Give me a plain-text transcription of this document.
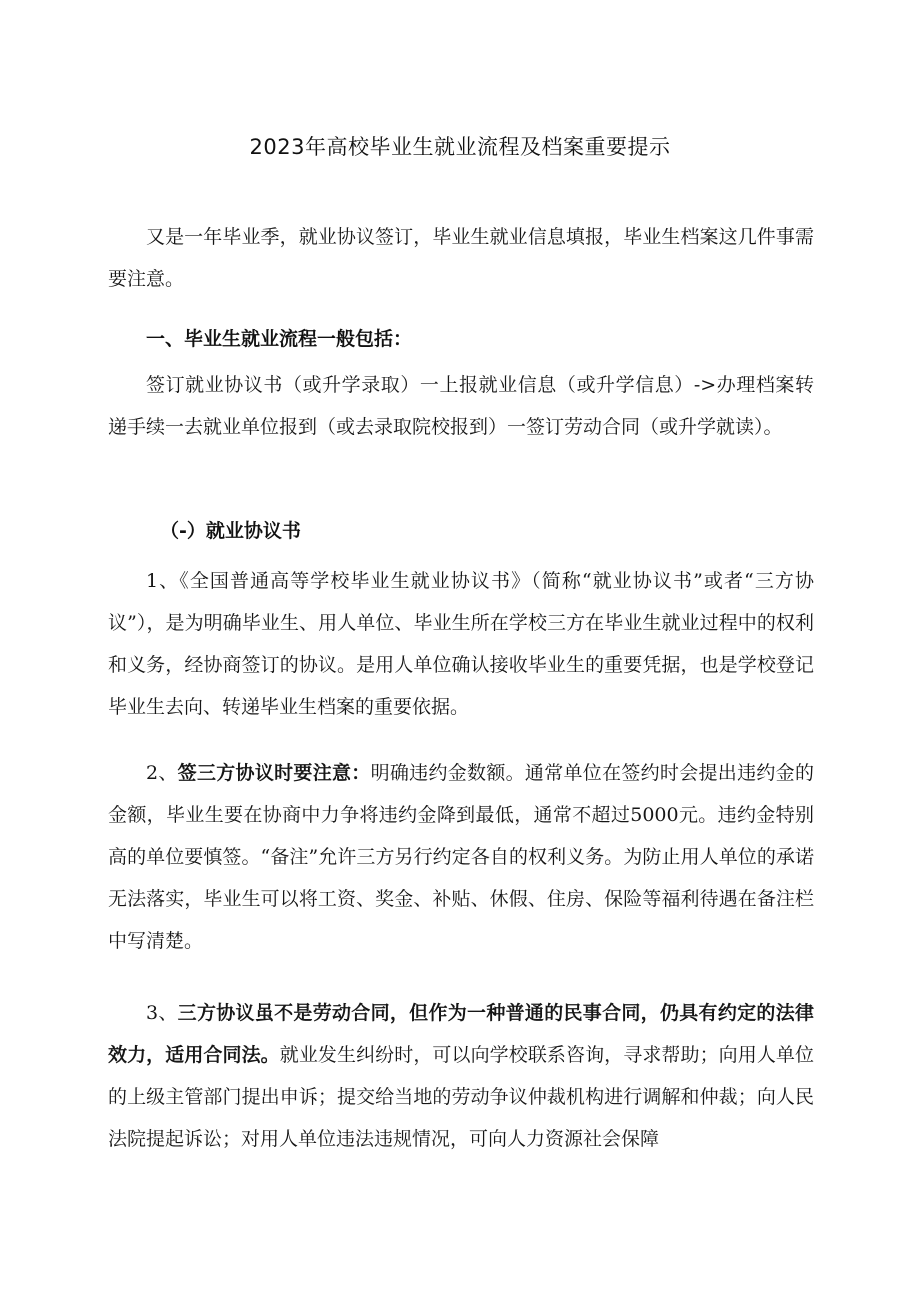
2023年高校毕业生就业流程及档案重要提示

又是一年毕业季，就业协议签订，毕业生就业信息填报，毕业生档案这几件事需要注意。

一、毕业生就业流程一般包括：

签订就业协议书（或升学录取）一上报就业信息（或升学信息）->办理档案转递手续一去就业单位报到（或去录取院校报到）一签订劳动合同（或升学就读）。

（-）就业协议书

1、《全国普通高等学校毕业生就业协议书》（简称“就业协议书”或者“三方协议”），是为明确毕业生、用人单位、毕业生所在学校三方在毕业生就业过程中的权利和义务，经协商签订的协议。是用人单位确认接收毕业生的重要凭据，也是学校登记毕业生去向、转递毕业生档案的重要依据。

2、签三方协议时要注意：明确违约金数额。通常单位在签约时会提出违约金的金额，毕业生要在协商中力争将违约金降到最低，通常不超过5000元。违约金特别高的单位要慎签。“备注”允许三方另行约定各自的权利义务。为防止用人单位的承诺无法落实，毕业生可以将工资、奖金、补贴、休假、住房、保险等福利待遇在备注栏中写清楚。

3、三方协议虽不是劳动合同，但作为一种普通的民事合同，仍具有约定的法律效力，适用合同法。就业发生纠纷时，可以向学校联系咨询，寻求帮助；向用人单位的上级主管部门提出申诉；提交给当地的劳动争议仲裁机构进行调解和仲裁；向人民法院提起诉讼；对用人单位违法违规情况，可向人力资源社会保障
